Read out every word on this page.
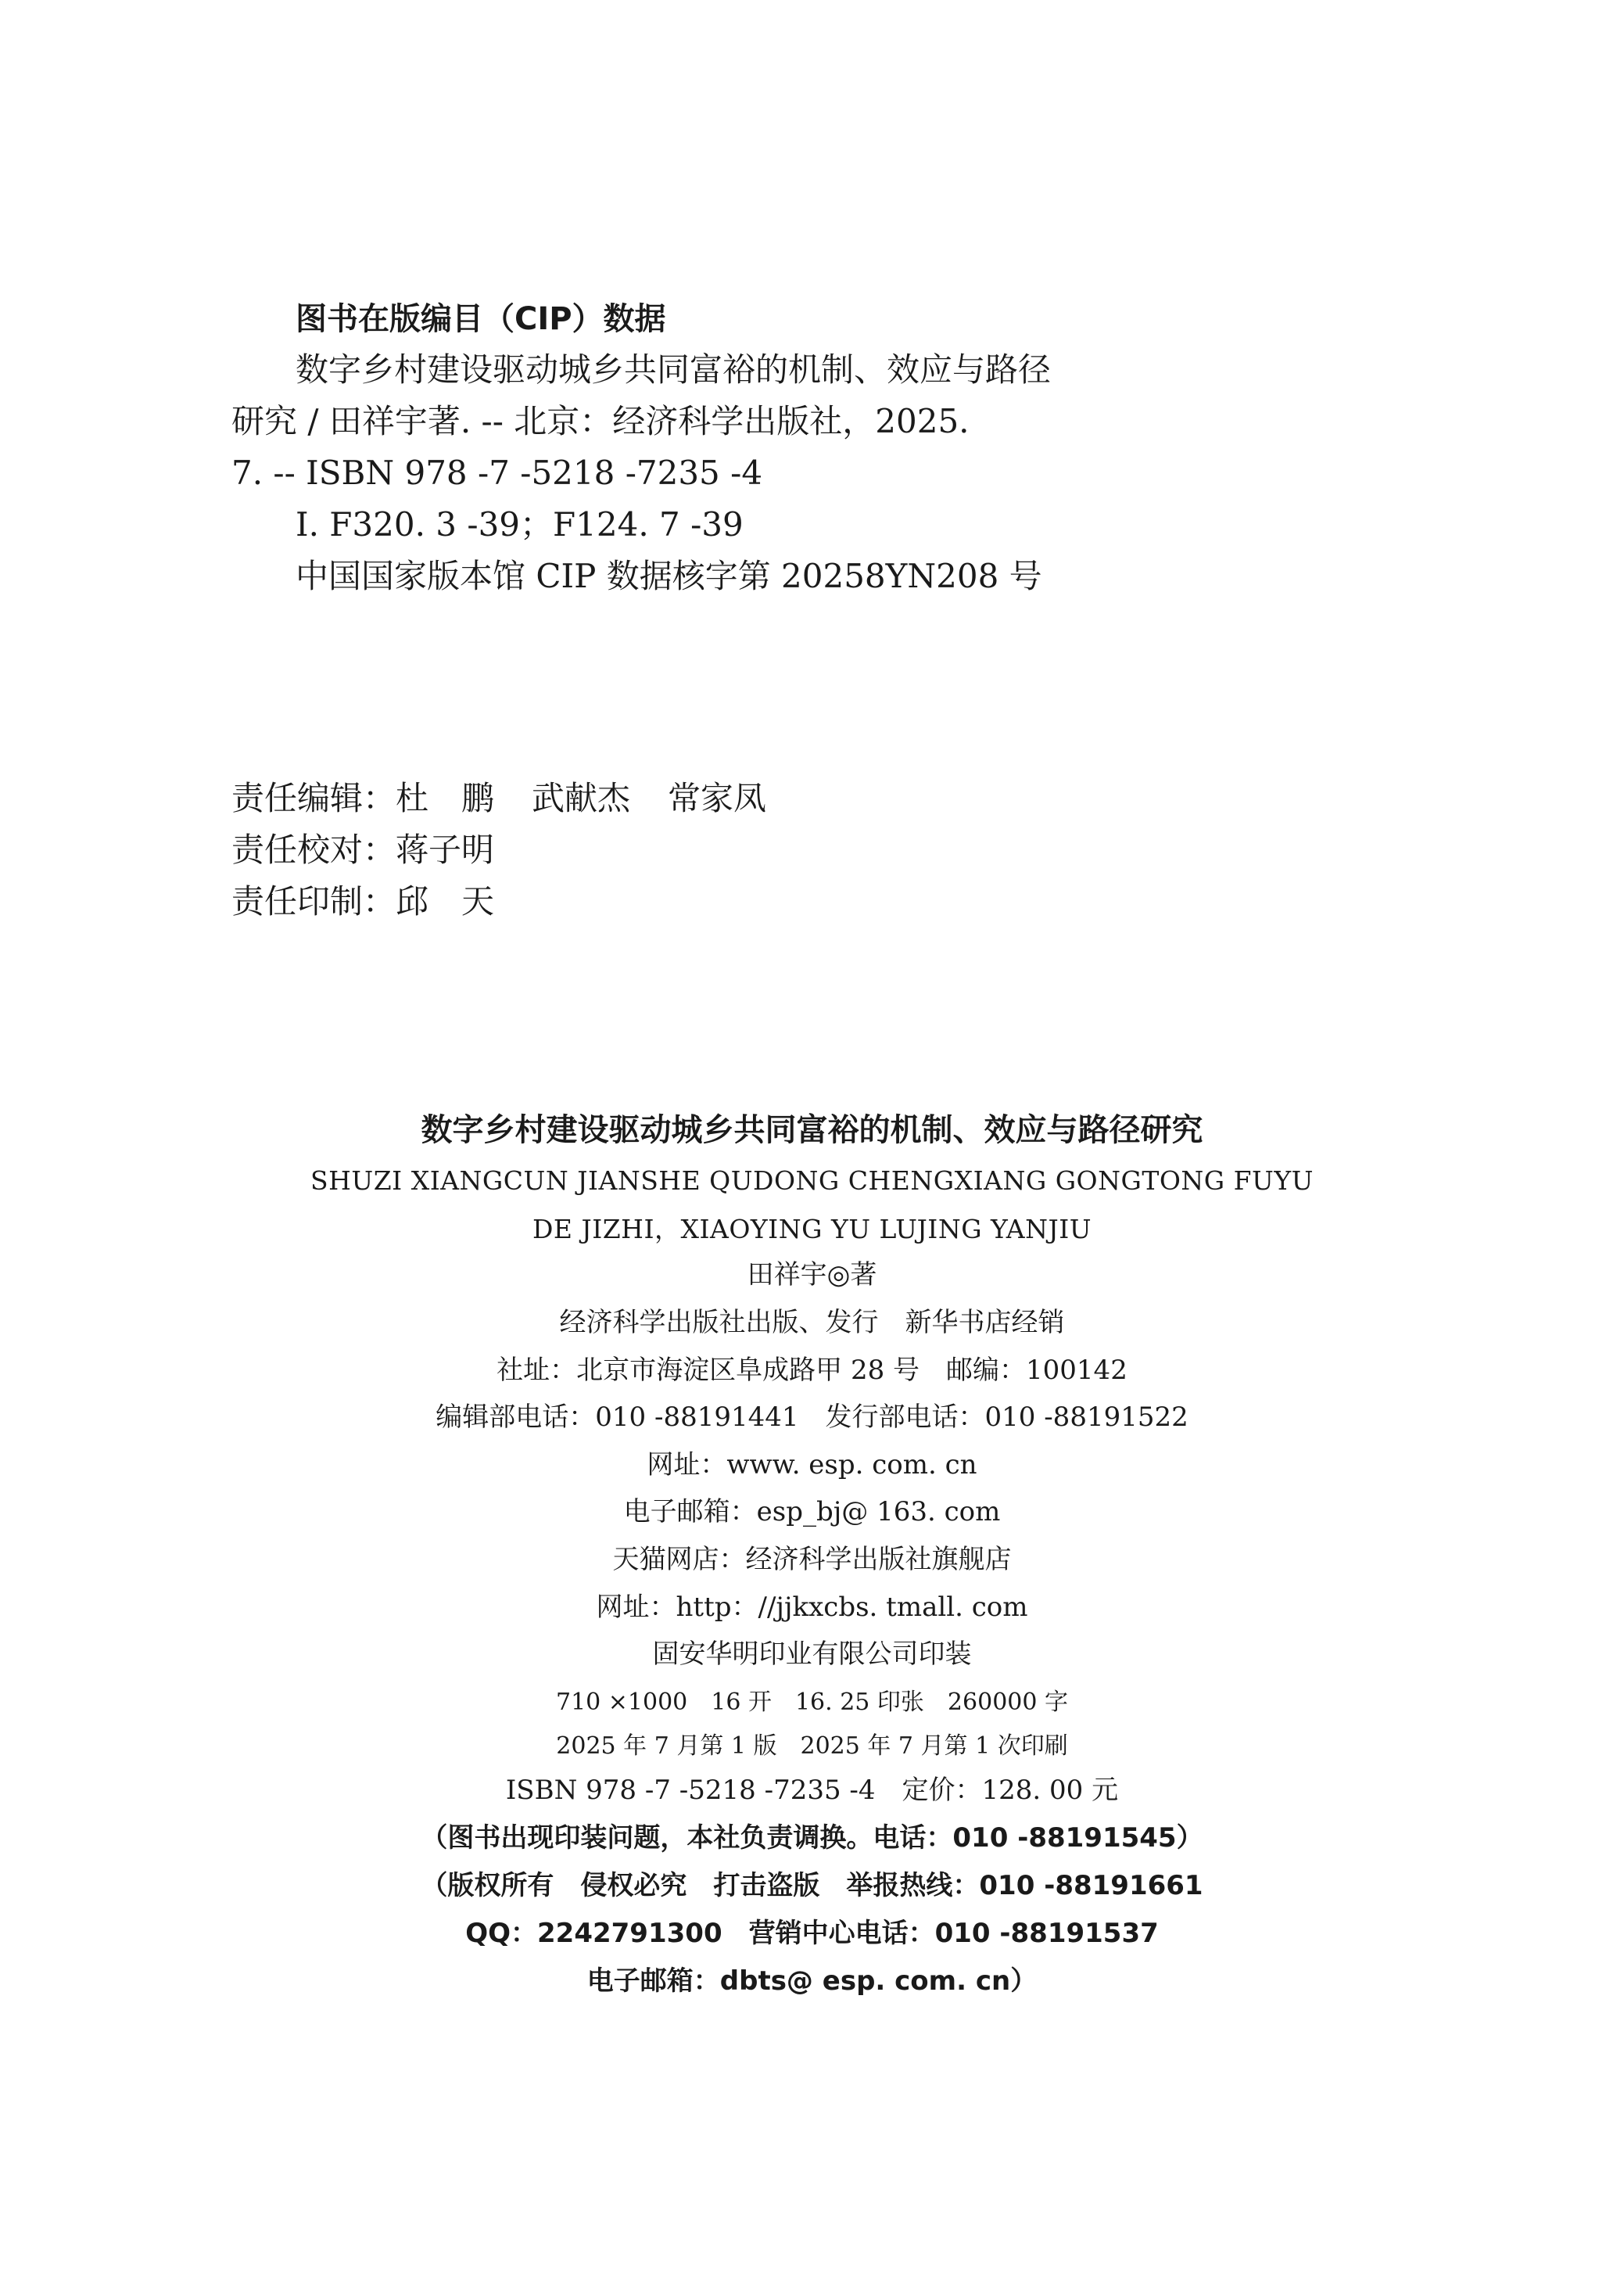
图书在版编目（CIP）数据
数字乡村建设驱动城乡共同富裕的机制、效应与路径
研究 / 田祥宇著. -- 北京：经济科学出版社，2025.
7. -- ISBN 978 -7 -5218 -7235 -4
Ⅰ. F320. 3 -39；F124. 7 -39
中国国家版本馆 CIP 数据核字第 20258YN208 号
责任编辑：杜　鹏 武献杰 常家凤
责任校对：蒋子明
责任印制：邱　天
数字乡村建设驱动城乡共同富裕的机制、效应与路径研究
SHUZI XIANGCUN JIANSHE QUDONG CHENGXIANG GONGTONG FUYU
DE JIZHI，XIAOYING YU LUJING YANJIU
田祥宇◎著
经济科学出版社出版、发行　新华书店经销
社址：北京市海淀区阜成路甲 28 号　邮编：100142
编辑部电话：010 -88191441　发行部电话：010 -88191522
网址：www. esp. com. cn
电子邮箱：esp_bj@ 163. com
天猫网店：经济科学出版社旗舰店
网址：http：//jjkxcbs. tmall. com
固安华明印业有限公司印装
710 ×1000　16 开　16. 25 印张　260000 字
2025 年 7 月第 1 版　2025 年 7 月第 1 次印刷
ISBN 978 -7 -5218 -7235 -4　定价：128. 00 元
（图书出现印装问题，本社负责调换。电话：010 -88191545）
（版权所有　侵权必究　打击盗版　举报热线：010 -88191661
QQ：2242791300　营销中心电话：010 -88191537
电子邮箱：dbts@ esp. com. cn）
